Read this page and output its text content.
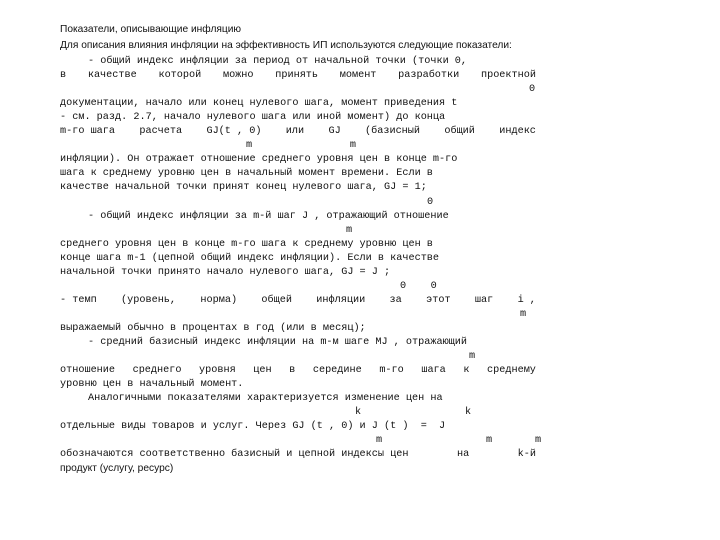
Показатели, описывающие инфляцию
Для описания влияния инфляции на эффективность ИП используются следующие показатели:
- общий индекс инфляции за период от начальной точки (точки 0,
в качестве которой можно принять момент разработки проектной
0
документации, начало или конец нулевого шага, момент приведения t
- см. разд. 2.7, начало нулевого шага или иной момент) до конца
m-го шага расчета GJ(t , 0) или GJ (базисный общий индекс
m                m
инфляции). Он отражает отношение среднего уровня цен в конце m-го
шага к среднему уровню цен в начальный момент времени. Если в
качестве начальной точки принят конец нулевого шага, GJ = 1;
0
- общий индекс инфляции за m-й шаг J , отражающий отношение
m
среднего уровня цен в конце m-го шага к среднему уровню цен в
конце шага m-1 (цепной общий индекс инфляции). Если в качестве
начальной точки принято начало нулевого шага, GJ = J ;
0    0
- темп (уровень, норма) общей инфляции за этот шаг i ,
m
выражаемый обычно в процентах в год (или в месяц);
- средний базисный индекс инфляции на m-м шаге MJ , отражающий
m
отношение среднего уровня цен в середине m-го шага к среднему
уровню цен в начальный момент.
Аналогичными показателями характеризуется изменение цен на
k                 k
отдельные виды товаров и услуг. Через GJ (t , 0) и J (t )  =  J
m                 m       m
обозначаются соответственно базисный и цепной индексы цен	на	k-й
продукт (услугу, ресурс)
